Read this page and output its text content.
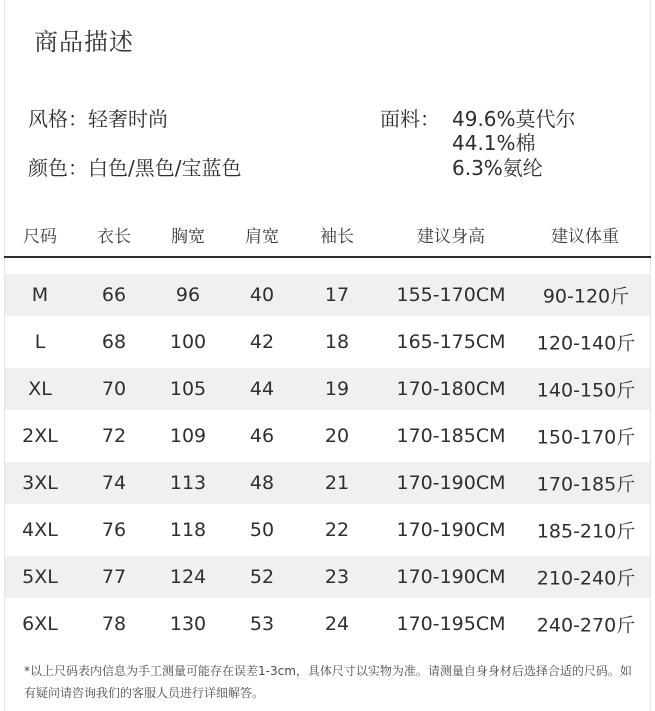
商品描述
风格：轻奢时尚
颜色：白色/黑色/宝蓝色
面料： 49.6%莫代尔
44.1%棉
6.3%氨纶
尺码 衣长 胸宽 肩宽 袖长	建议身高	建议体重
M	66	96	40	17 155-170CM 90-120斤
L	68 100 42	18 165-175CM 120-140斤
XL	70 105 44	19 170-180CM 140-150斤
2XL 72 109 46	20 170-185CM 150-170斤
3XL 74 113 48	21 170-190CM 170-185斤
4XL 76 118 50	22 170-190CM 185-210斤
5XL 77 124 52	23 170-190CM 210-240斤
6XL 78 130 53	24 170-195CM 240-270斤
*以上尺码表内信息为手工测量可能存在误差1-3cm，具体尺寸以实物为准。请测量自身身材后选择合适的尺码。如有疑问请咨询我们的客服人员进行详细解答。
